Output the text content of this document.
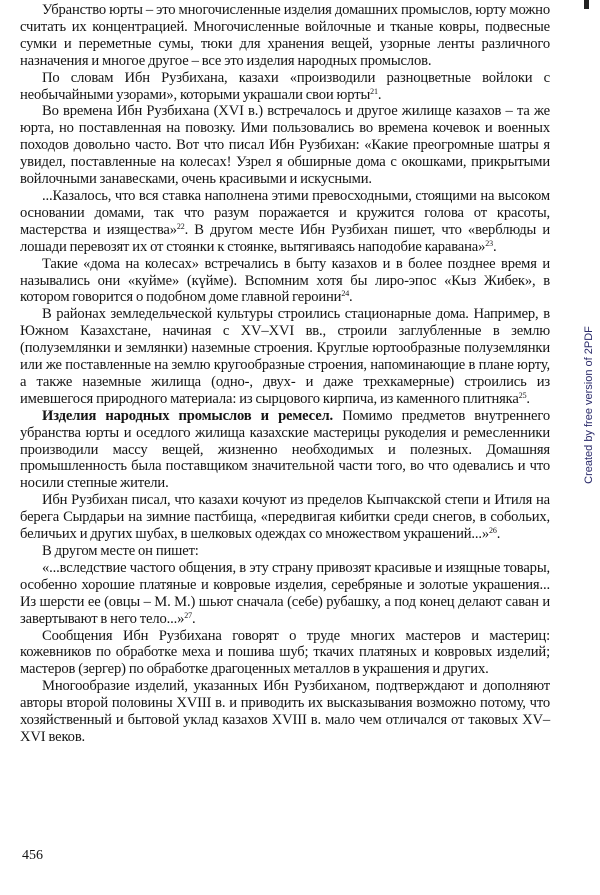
Убранство юрты – это многочисленные изделия домашних промыслов, юрту можно считать их концентрацией. Многочисленные войлочные и тканые ковры, подвесные сумки и переметные сумы, тюки для хранения вещей, узорные ленты различного назначения и многое другое – все это изделия народных промыслов.

По словам Ибн Рузбихана, казахи «производили разноцветные войлоки с необычайными узорами», которыми украшали свои юрты$^{21}$.

Во времена Ибн Рузбихана (XVI в.) встречалось и другое жилище казахов – та же юрта, но поставленная на повозку. Ими пользовались во времена кочевок и военных походов довольно часто. Вот что писал Ибн Рузбихан: «Какие преогромные шатры я увидел, поставленные на колесах! Узрел я обширные дома с окошками, прикрытыми войлочными занавесками, очень красивыми и искусными.

...Казалось, что вся ставка наполнена этими превосходными, стоящими на высоком основании домами, так что разум поражается и кружится голова от красоты, мастерства и изящества»$^{22}$. В другом месте Ибн Рузбихан пишет, что «верблюды и лошади перевозят их от стоянки к стоянке, вытягиваясь наподобие каравана»$^{23}$.

Такие «дома на колесах» встречались в быту казахов и в более позднее время и назывались они «куйме» (күйме). Вспомним хотя бы лиро-эпос «Кыз Жибек», в котором говорится о подобном доме главной героини$^{24}$.

В районах земледельческой культуры строились стационарные дома. Например, в Южном Казахстане, начиная с XV–XVI вв., строили заглубленные в землю (полуземлянки и землянки) наземные строения. Круглые юртообразные полуземлянки или же поставленные на землю кругообразные строения, напоминающие в плане юрту, а также наземные жилища (одно-, двух- и даже трехкамерные) строились из имевшегося природного материала: из сырцового кирпича, из каменного плитняка$^{25}$.

Изделия народных промыслов и ремесел. Помимо предметов внутреннего убранства юрты и оседлого жилища казахские мастерицы рукоделия и ремесленники производили массу вещей, жизненно необходимых и полезных. Домашняя промышленность была поставщиком значительной части того, во что одевались и что носили степные жители.

Ибн Рузбихан писал, что казахи кочуют из пределов Кыпчакской степи и Итиля на берега Сырдарьи на зимние пастбища, «передвигая кибитки среди снегов, в собольих, беличьих и других шубах, в шелковых одеждах со множеством украшений...»$^{26}$.

В другом месте он пишет:

«...вследствие частого общения, в эту страну привозят красивые и изящные товары, особенно хорошие платяные и ковровые изделия, серебряные и золотые украшения... Из шерсти ее (овцы – М. М.) шьют сначала (себе) рубашку, а под конец делают саван и завертывают в него тело...»$^{27}$.

Сообщения Ибн Рузбихана говорят о труде многих мастеров и мастериц: кожевников по обработке меха и пошива шуб; ткачих платяных и ковровых изделий; мастеров (зергер) по обработке драгоценных металлов в украшения и других.

Многообразие изделий, указанных Ибн Рузбиханом, подтверждают и дополняют авторы второй половины XVIII в. и приводить их высказывания возможно потому, что хозяйственный и бытовой уклад казахов XVIII в. мало чем отличался от таковых XV–XVI веков.

456
Created by free version of 2PDF
